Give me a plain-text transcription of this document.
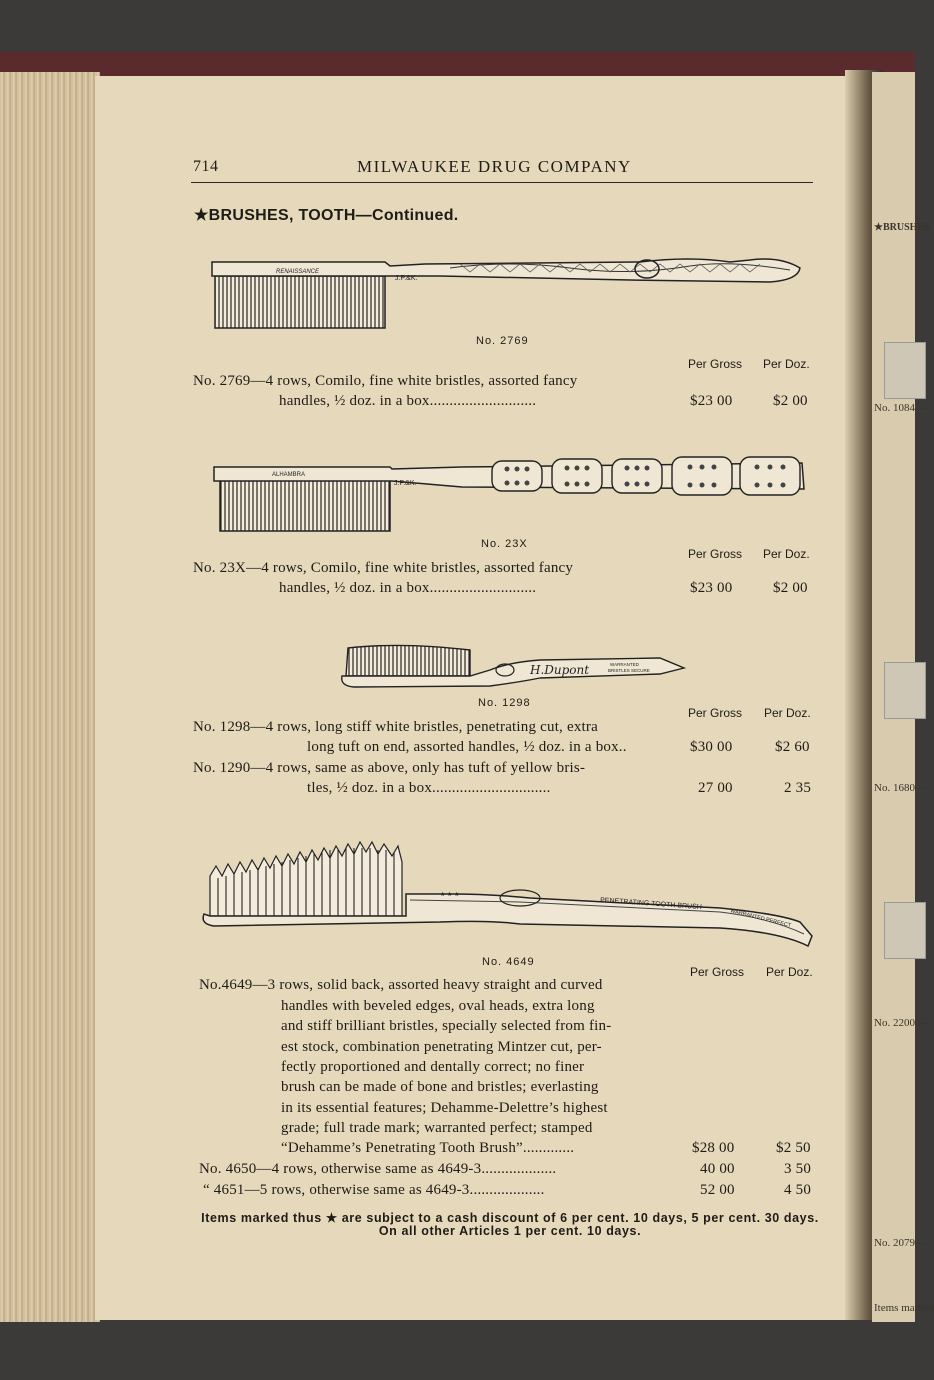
★BRUSHES
No. 1084—
No. 1680—
No. 22000—
No. 2079—
Items marked
714	MILWAUKEE DRUG COMPANY
★BRUSHES, TOOTH—Continued.
RENAISSANCE
J.P.&K.
No. 2769
Per Gross Per Doz.
No. 2769—4 rows, Comilo, fine white bristles, assorted fancy
handles, ½ doz. in a box...........................	$23 00	$2 00
ALHAMBRA
J.P.&K.
No. 23X
Per Gross Per Doz.
No. 23X—4 rows, Comilo, fine white bristles, assorted fancy
handles, ½ doz. in a box...........................	$23 00	$2 00
H.Dupont	WARRANTED
BRISTLES SECURE
No. 1298
Per Gross Per Doz.
No. 1298—4 rows, long stiff white bristles, penetrating cut, extra
long tuft on end, assorted handles, ½ doz. in a box..	$30 00	$2 60
No. 1290—4 rows, same as above, only has tuft of yellow bris-
tles, ½ doz. in a box..............................	27 00	2 35
★ ★ ★
PENETRATING TOOTH BRUSH
WARRANTED PERFECT
No. 4649
Per Gross Per Doz.
No.4649—3 rows, solid back, assorted heavy straight and curved
handles with beveled edges, oval heads, extra long
and stiff brilliant bristles, specially selected from fin-
est stock, combination penetrating Mintzer cut, per-
fectly proportioned and dentally correct; no finer
brush can be made of bone and bristles; everlasting
in its essential features; Dehamme-Delettre’s highest
grade; full trade mark; warranted perfect; stamped
“Dehamme’s Penetrating Tooth Brush”.............	$28 00	$2 50
No. 4650—4 rows, otherwise same as 4649-3...................	40 00	3 50
“ 4651—5 rows, otherwise same as 4649-3...................	52 00	4 50
Items marked thus ★ are subject to a cash discount of 6 per cent. 10 days, 5 per cent. 30 days. On all other Articles 1 per cent. 10 days.
